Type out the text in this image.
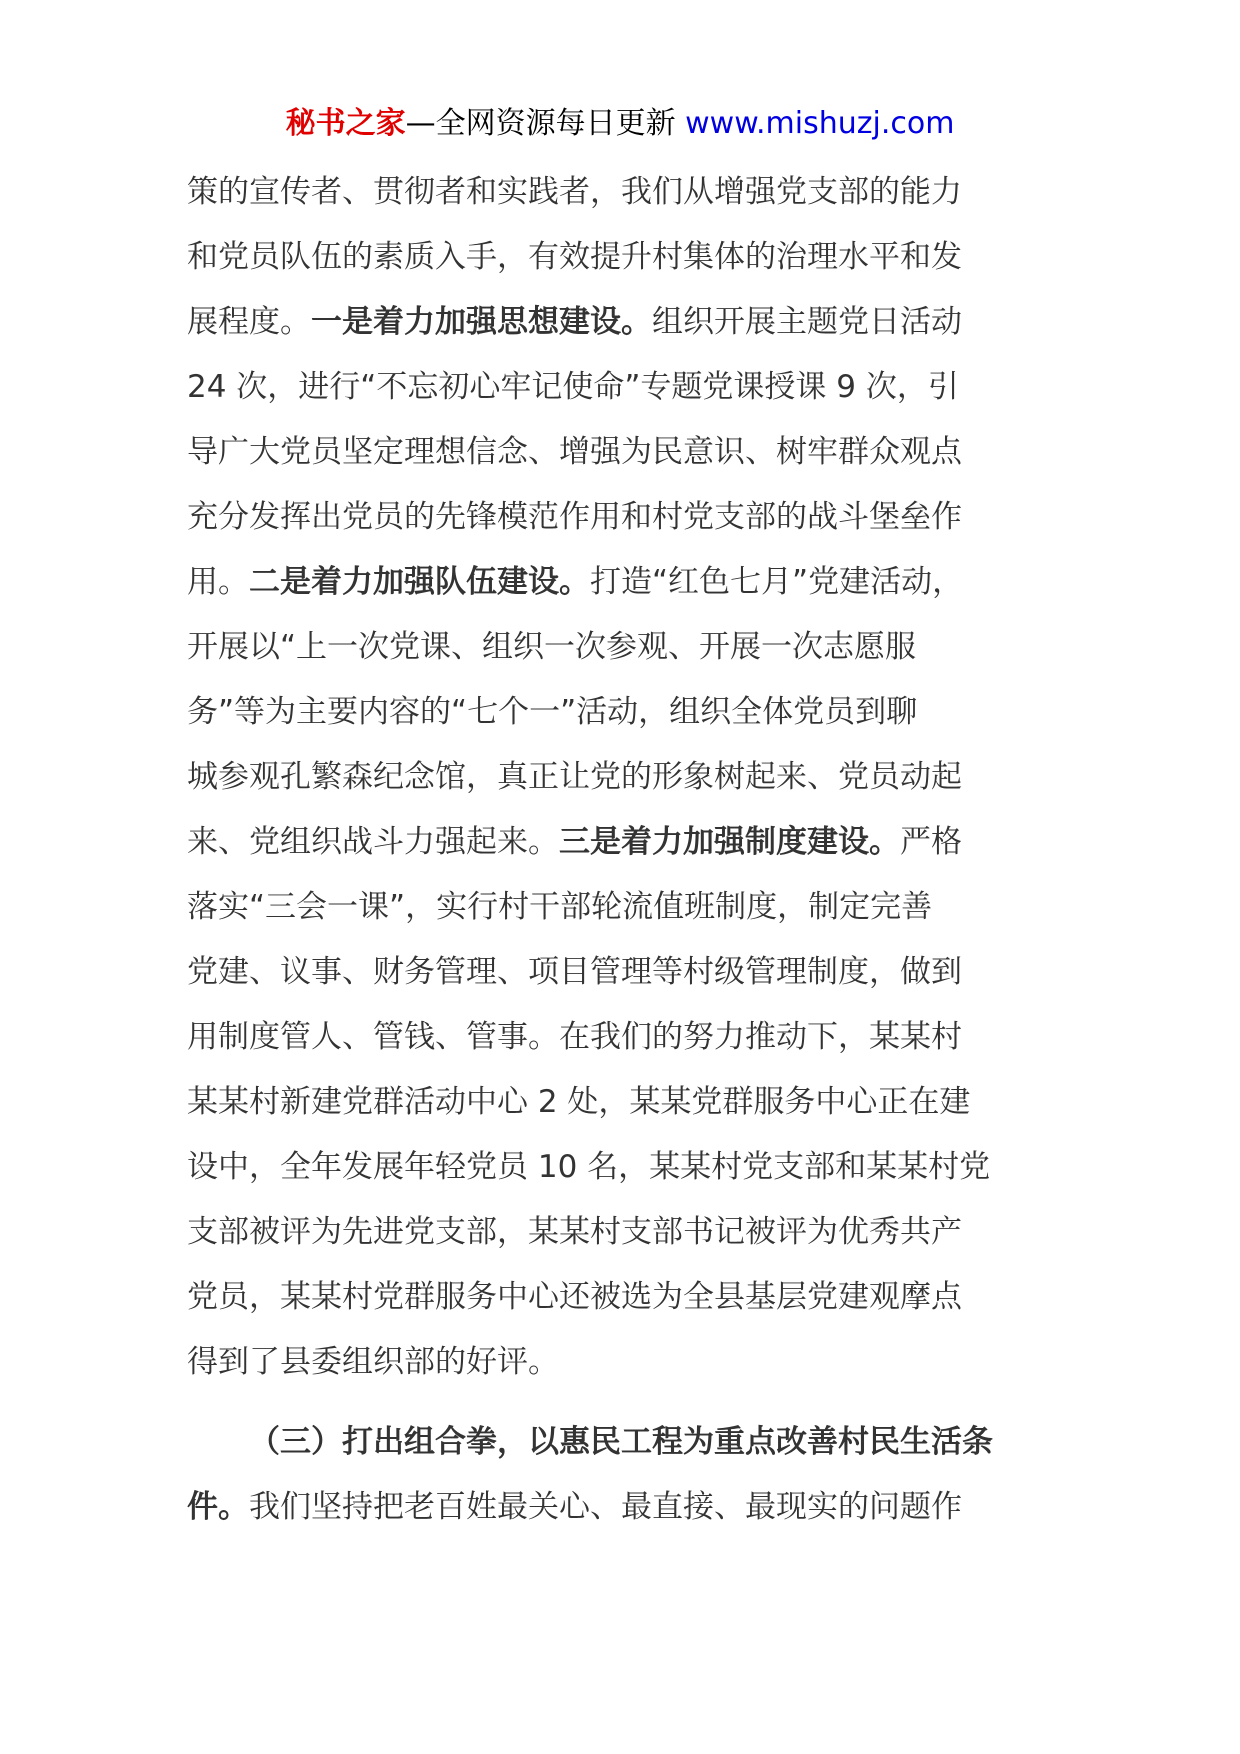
秘书之家—全网资源每日更新 www.mishuzj.com
策的宣传者、贯彻者和实践者，我们从增强党支部的能力
和党员队伍的素质入手，有效提升村集体的治理水平和发
展程度。一是着力加强思想建设。组织开展主题党日活动
24 次，进行“不忘初心牢记使命”专题党课授课 9 次，引
导广大党员坚定理想信念、增强为民意识、树牢群众观点
充分发挥出党员的先锋模范作用和村党支部的战斗堡垒作
用。二是着力加强队伍建设。打造“红色七月”党建活动，
开展以“上一次党课、组织一次参观、开展一次志愿服
务”等为主要内容的“七个一”活动，组织全体党员到聊
城参观孔繁森纪念馆，真正让党的形象树起来、党员动起
来、党组织战斗力强起来。三是着力加强制度建设。严格
落实“三会一课”，实行村干部轮流值班制度，制定完善
党建、议事、财务管理、项目管理等村级管理制度，做到
用制度管人、管钱、管事。在我们的努力推动下，某某村
某某村新建党群活动中心 2 处，某某党群服务中心正在建
设中，全年发展年轻党员 10 名，某某村党支部和某某村党
支部被评为先进党支部，某某村支部书记被评为优秀共产
党员，某某村党群服务中心还被选为全县基层党建观摩点
得到了县委组织部的好评。
（三）打出组合拳，以惠民工程为重点改善村民生活条
件。我们坚持把老百姓最关心、最直接、最现实的问题作
